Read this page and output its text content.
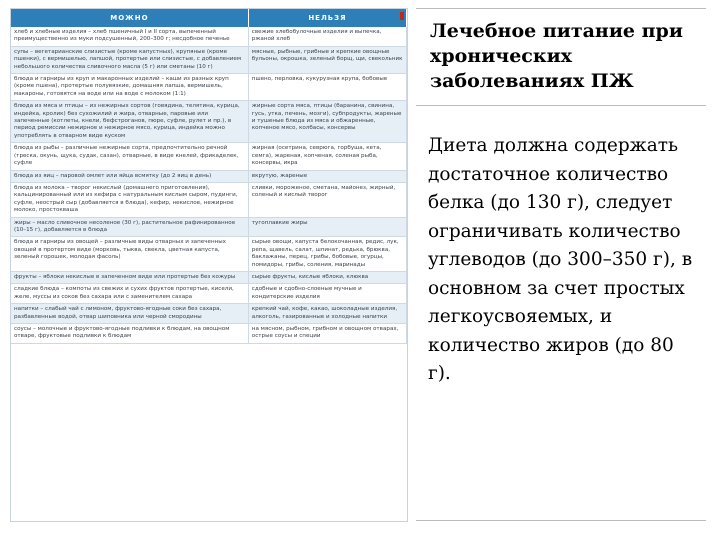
МОЖНО	НЕЛЬЗЯ
хлеб и хлебные изделия – хлеб пшеничный I и II сорта, выпеченный преимущественно из муки подсушенный, 200–300 г; несдобное печенье	свежие хлебобулочные изделия и выпечка, ржаной хлеб
супы – вегетарианские слизистые (кроме капустных), крупяные (кроме пшенки), с вермишелью, лапшой, протертые или слизистые, с добавлением небольшого количества сливочного масла (5 г) или сметаны (10 г)	мясные, рыбные, грибные и крепкие овощные бульоны, окрошка, зеленый борщ, щи, свекольник
блюда и гарниры из круп и макаронных изделий – каши из разных круп (кроме пшена), протертые полувязкие, домашняя лапша, вермишель, макароны, готовятся на воде или на воде с молоком (1:1)	пшено, перловка, кукурузная крупа, бобовые
блюда из мяса и птицы – из нежирных сортов (говядина, телятина, курица, индейка, кролик) без сухожилий и жира, отварные, паровые или запеченные (котлеты, кнели, бефстроганов, пюре, суфле, рулет и пр.), в период ремиссии нежирное и нежирное мясо, курица, индейка можно употреблять в отварном виде куском	жирные сорта мяса, птицы (баранина, свинина, гусь, утка, печень, мозги), субпродукты, жареные и тушеные блюда из мяса и обжаренные, копченое мясо, колбасы, консервы
блюда из рыбы – различные нежирные сорта, предпочтительно речной (треска, окунь, щука, судак, сазан), отварные, в виде кнелей, фрикаделек, суфле	жирная (осетрина, севрюга, горбуша, кета, семга), жареная, копченая, соленая рыба, консервы, икра
блюда из яиц – паровой омлет или яйца всмятку (до 2 яиц в день)	вкрутую, жареные
блюда из молока – творог некислый (домашнего приготовления), кальцинированный или из кефира с натуральным кислым сыром, пудинги, суфле, неострый сыр (добавляется в блюда), кефир, некислое, нежирное молоко, простокваша	сливки, мороженое, сметана, майонез, жирный, соленый и кислый творог
жиры – масло сливочное несоленое (30 г), растительное рафинированное (10–15 г), добавляется в блюда	тугоплавкие жиры
блюда и гарниры из овощей – различные виды отварных и запеченных овощей в протертом виде (морковь, тыква, свекла, цветная капуста, зеленый горошек, молодая фасоль)	сырые овощи, капуста белокочанная, редис, лук, репа, щавель, салат, шпинат, редька, брюква, баклажаны, перец, грибы, бобовые, огурцы, помидоры, грибы, соления, маринады
фрукты – яблоки некислые в запеченном виде или протертые без кожуры	сырые фрукты, кислые яблоки, клюква
сладкие блюда – компоты из свежих и сухих фруктов протертые, кисели, желе, муссы из соков без сахара или с заменителем сахара	сдобные и сдобно-слоеные мучные и кондитерские изделия
напитки – слабый чай с лимоном, фруктово-ягодные соки без сахара, разбавленные водой, отвар шиповника или черной смородины	крепкий чай, кофе, какао, шоколадные изделия, алкоголь, газированные и холодные напитки
соусы – молочные и фруктово-ягодные подливки к блюдам, на овощном отваре, фруктовые подливки к блюдам	на мясном, рыбном, грибном и овощном отварах, острые соусы и специи
Лечебное питание при хронических заболеваниях ПЖ

Диета должна содержать достаточное количество белка (до 130 г), следует ограничивать количество углеводов (до 300–350 г), в основном за счет простых легкоусвояемых, и количество жиров (до 80 г).
